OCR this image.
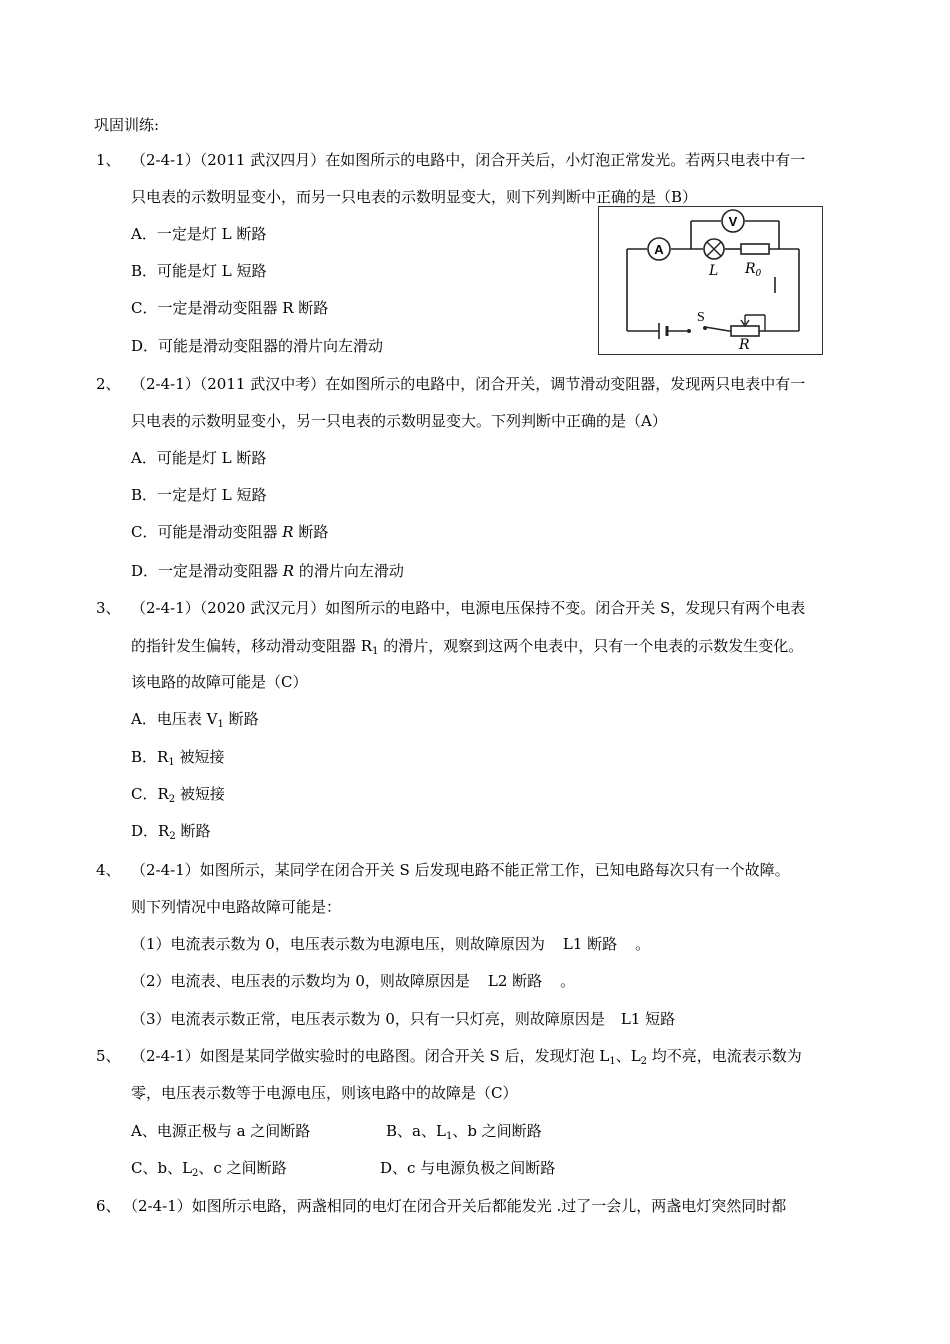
巩固训练:
1、 （2-4-1）（2011 武汉四月）在如图所示的电路中，闭合开关后，小灯泡正常发光。若两只电表中有一
只电表的示数明显变小，而另一只电表的示数明显变大，则下列判断中正确的是（B）
A．一定是灯 L 断路
B．可能是灯 L 短路
C．一定是滑动变阻器 R 断路
D．可能是滑动变阻器的滑片向左滑动
A
V
L $R_0$
R
S
2、 （2-4-1）（2011 武汉中考）在如图所示的电路中，闭合开关，调节滑动变阻器，发现两只电表中有一
只电表的示数明显变小，另一只电表的示数明显变大。下列判断中正确的是（A）
A．可能是灯 L 断路
B．一定是灯 L 短路
C．可能是滑动变阻器 R 断路
D．一定是滑动变阻器 R 的滑片向左滑动
3、 （2-4-1）（2020 武汉元月）如图所示的电路中，电源电压保持不变。闭合开关 S，发现只有两个电表
的指针发生偏转，移动滑动变阻器 $R_1$ 的滑片，观察到这两个电表中，只有一个电表的示数发生变化。
该电路的故障可能是（C）
A．电压表 $V_1$ 断路
B．$R_1$ 被短接
C．$R_2$ 被短接
D．$R_2$ 断路
4、 （2-4-1）如图所示，某同学在闭合开关 S 后发现电路不能正常工作，已知电路每次只有一个故障。
则下列情况中电路故障可能是：
（1）电流表示数为 0，电压表示数为电源电压，则故障原因为 L1 断路 。
（2）电流表、电压表的示数均为 0，则故障原因是 L2 断路 。
（3）电流表示数正常，电压表示数为 0，只有一只灯亮，则故障原因是 L1 短路
5、 （2-4-1）如图是某同学做实验时的电路图。闭合开关 S 后，发现灯泡 $L_1$、$L_2$ 均不亮，电流表示数为
零，电压表示数等于电源电压，则该电路中的故障是（C）
A、电源正极与 a 之间断路	B、a、$L_1$、b 之间断路
C、b、$L_2$、c 之间断路	D、c 与电源负极之间断路
6、 （2-4-1）如图所示电路，两盏相同的电灯在闭合开关后都能发光 .过了一会儿，两盏电灯突然同时都
